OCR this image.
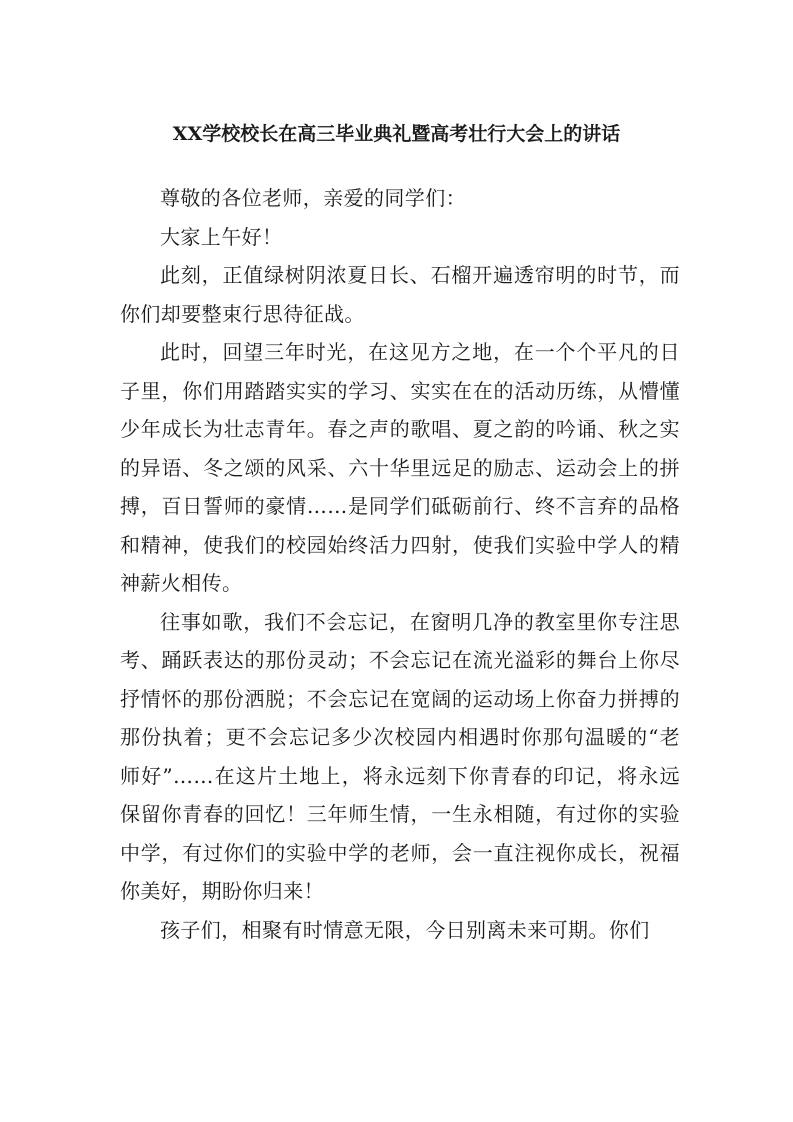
XX学校校长在高三毕业典礼暨高考壮行大会上的讲话

尊敬的各位老师，亲爱的同学们：

大家上午好！

此刻，正值绿树阴浓夏日长、石榴开遍透帘明的时节，而你们却要整束行思待征战。

此时，回望三年时光，在这见方之地，在一个个平凡的日子里，你们用踏踏实实的学习、实实在在的活动历练，从懵懂少年成长为壮志青年。春之声的歌唱、夏之韵的吟诵、秋之实的异语、冬之颂的风采、六十华里远足的励志、运动会上的拼搏，百日誓师的豪情……是同学们砥砺前行、终不言弃的品格和精神，使我们的校园始终活力四射，使我们实验中学人的精神薪火相传。

往事如歌，我们不会忘记，在窗明几净的教室里你专注思考、踊跃表达的那份灵动；不会忘记在流光溢彩的舞台上你尽抒情怀的那份洒脱；不会忘记在宽阔的运动场上你奋力拼搏的那份执着；更不会忘记多少次校园内相遇时你那句温暖的“老师好”……在这片土地上，将永远刻下你青春的印记，将永远保留你青春的回忆！三年师生情，一生永相随，有过你的实验中学，有过你们的实验中学的老师，会一直注视你成长，祝福你美好，期盼你归来！

孩子们，相聚有时情意无限，今日别离未来可期。你们
